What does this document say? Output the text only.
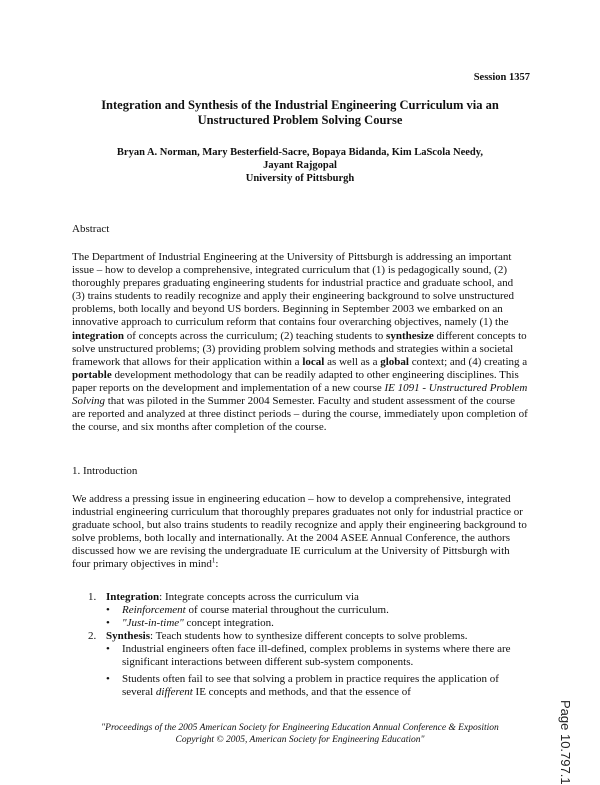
Session 1357
Integration and Synthesis of the Industrial Engineering Curriculum via an Unstructured Problem Solving Course
Bryan A. Norman, Mary Besterfield-Sacre, Bopaya Bidanda, Kim LaScola Needy,
Jayant Rajgopal
University of Pittsburgh
Abstract

The Department of Industrial Engineering at the University of Pittsburgh is addressing an important issue – how to develop a comprehensive, integrated curriculum that (1) is pedagogically sound, (2) thoroughly prepares graduating engineering students for industrial practice and graduate school, and (3) trains students to readily recognize and apply their engineering background to solve unstructured problems, both locally and beyond US borders. Beginning in September 2003 we embarked on an innovative approach to curriculum reform that contains four overarching objectives, namely (1) the integration of concepts across the curriculum; (2) teaching students to synthesize different concepts to solve unstructured problems; (3) providing problem solving methods and strategies within a societal framework that allows for their application within a local as well as a global context; and (4) creating a portable development methodology that can be readily adapted to other engineering disciplines. This paper reports on the development and implementation of a new course IE 1091 - Unstructured Problem Solving that was piloted in the Summer 2004 Semester. Faculty and student assessment of the course are reported and analyzed at three distinct periods – during the course, immediately upon completion of the course, and six months after completion of the course.

1. Introduction

We address a pressing issue in engineering education – how to develop a comprehensive, integrated industrial engineering curriculum that thoroughly prepares graduates not only for industrial practice or graduate school, but also trains students to readily recognize and apply their engineering background to solve problems, both locally and internationally. At the 2004 ASEE Annual Conference, the authors discussed how we are revising the undergraduate IE curriculum at the University of Pittsburgh with four primary objectives in mind$^1$:

1. Integration: Integrate concepts across the curriculum via
• Reinforcement of course material throughout the curriculum.
• "Just-in-time" concept integration.
2. Synthesis: Teach students how to synthesize different concepts to solve problems.
• Industrial engineers often face ill-defined, complex problems in systems where there are significant interactions between different sub-system components.
• Students often fail to see that solving a problem in practice requires the application of several different IE concepts and methods, and that the essence of
"Proceedings of the 2005 American Society for Engineering Education Annual Conference & Exposition
Copyright © 2005, American Society for Engineering Education"	Page 10.797.1
